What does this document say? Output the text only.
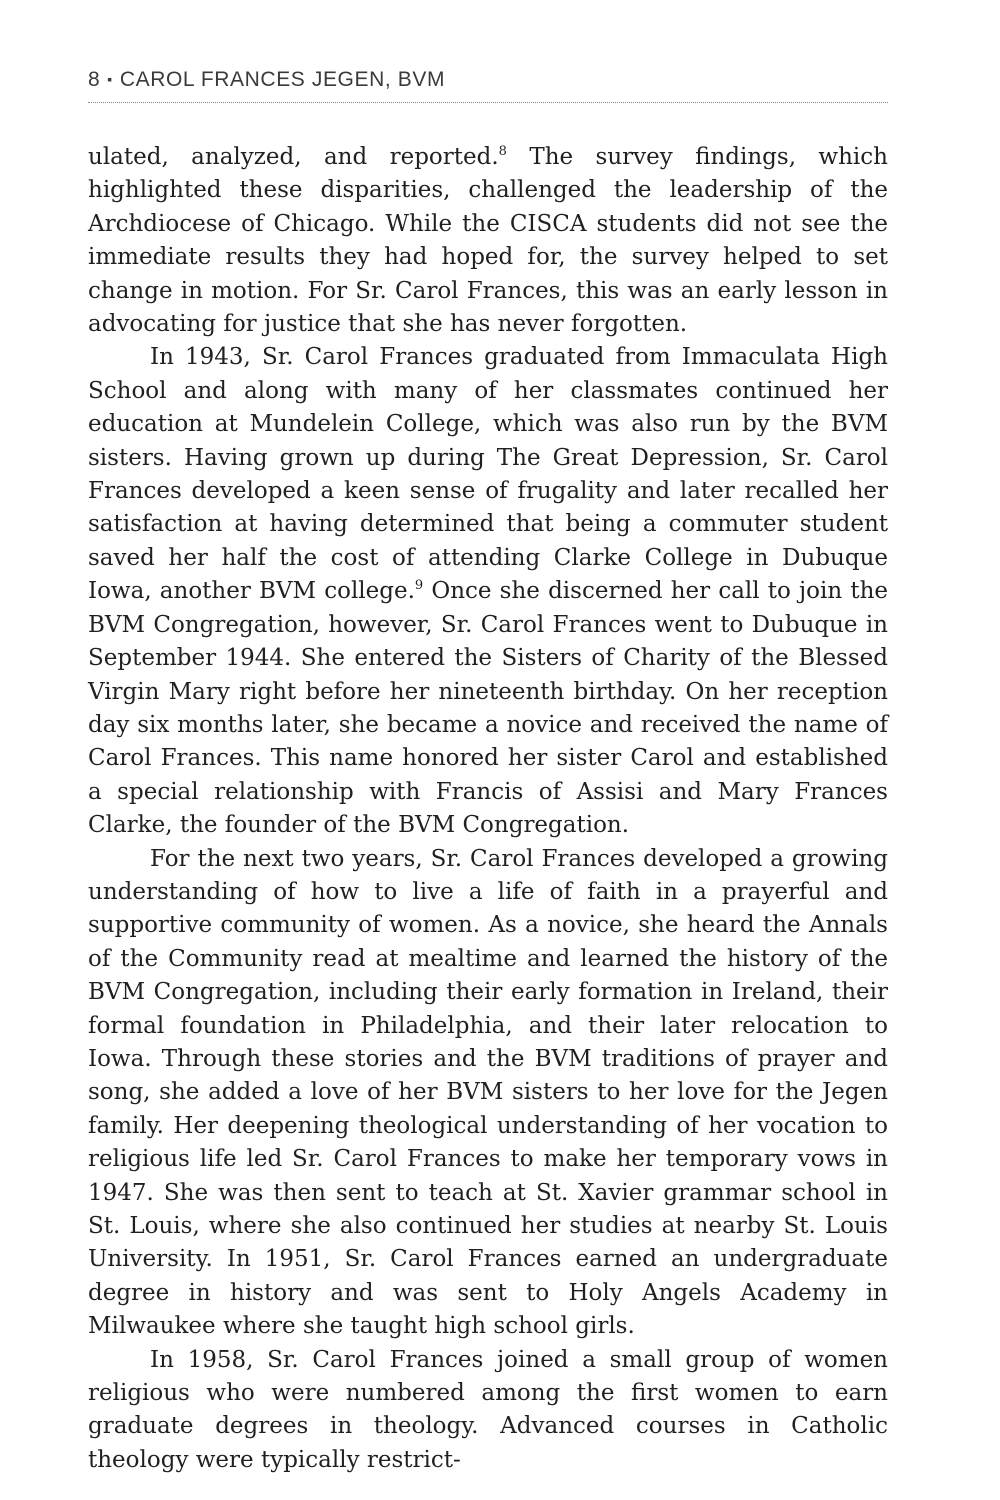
8 ▪ CAROL FRANCES JEGEN, BVM

ulated, analyzed, and reported.$^8$ The survey findings, which highlighted these disparities, challenged the leadership of the Archdiocese of Chicago. While the CISCA students did not see the immediate results they had hoped for, the survey helped to set change in motion. For Sr. Carol Frances, this was an early lesson in advocating for justice that she has never forgotten.

In 1943, Sr. Carol Frances graduated from Immaculata High School and along with many of her classmates continued her education at Mundelein College, which was also run by the BVM sisters. Having grown up during The Great Depression, Sr. Carol Frances developed a keen sense of frugality and later recalled her satisfaction at having determined that being a commuter student saved her half the cost of attending Clarke College in Dubuque Iowa, another BVM college.$^9$ Once she discerned her call to join the BVM Congregation, however, Sr. Carol Frances went to Dubuque in September 1944. She entered the Sisters of Charity of the Blessed Virgin Mary right before her nineteenth birthday. On her reception day six months later, she became a novice and received the name of Carol Frances. This name honored her sister Carol and established a special relationship with Francis of Assisi and Mary Frances Clarke, the founder of the BVM Congregation.

For the next two years, Sr. Carol Frances developed a growing understanding of how to live a life of faith in a prayerful and supportive community of women. As a novice, she heard the Annals of the Community read at mealtime and learned the history of the BVM Congregation, including their early formation in Ireland, their formal foundation in Philadelphia, and their later relocation to Iowa. Through these stories and the BVM traditions of prayer and song, she added a love of her BVM sisters to her love for the Jegen family. Her deepening theological understanding of her vocation to religious life led Sr. Carol Frances to make her temporary vows in 1947. She was then sent to teach at St. Xavier grammar school in St. Louis, where she also continued her studies at nearby St. Louis University. In 1951, Sr. Carol Frances earned an undergraduate degree in history and was sent to Holy Angels Academy in Milwaukee where she taught high school girls.

In 1958, Sr. Carol Frances joined a small group of women religious who were numbered among the first women to earn graduate degrees in theology. Advanced courses in Catholic theology were typically restrict-
